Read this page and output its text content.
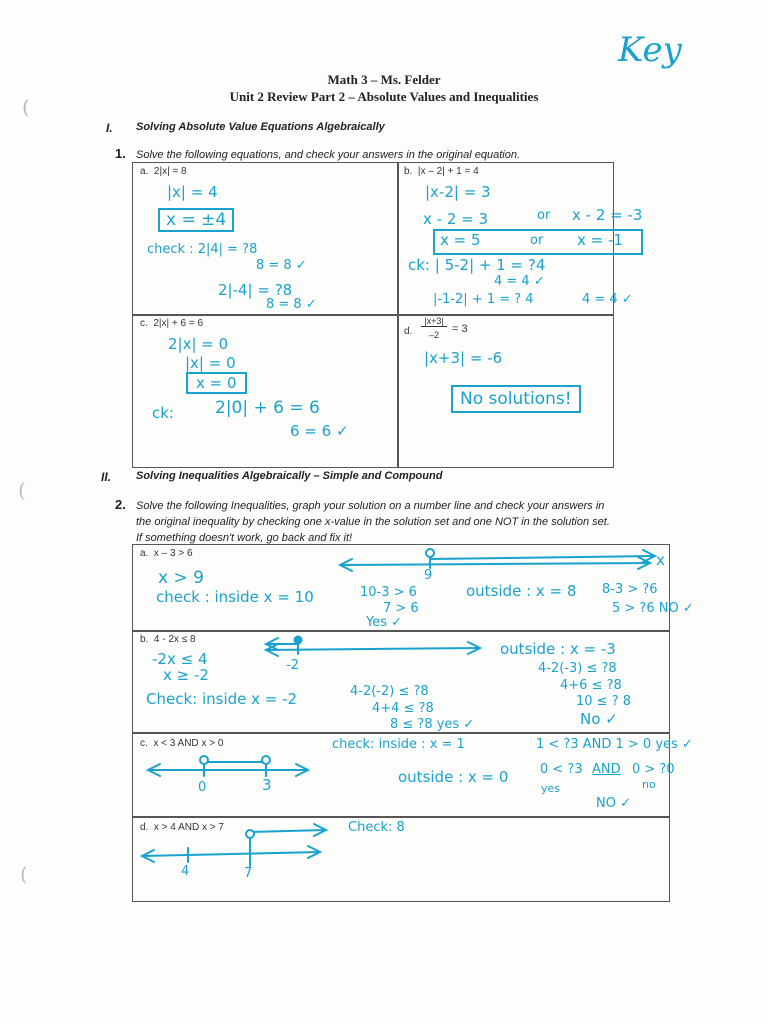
(
(
(
Key
Math 3 – Ms. Felder
Unit 2 Review Part 2 – Absolute Values and Inequalities
I. Solving Absolute Value Equations Algebraically
1. Solve the following equations, and check your answers in the original equation.
a. 2|x| = 8
|x| = 4
x = ±4
check : 2|4| = ?8
8 = 8 ✓
2|-4| = ?8
8 = 8 ✓
b. |x – 2| + 1 = 4
|x-2| = 3
x - 2 = 3	or x - 2 = -3
x = 5	or x = -1
ck: | 5-2| + 1 = ?4
4 = 4 ✓
|-1-2| + 1 = ? 4	4 = 4 ✓
c. 2|x| + 6 = 6
2|x| = 0
|x| = 0
x = 0
ck: 2|0| + 6 = 6
6 = 6 ✓
d.
|x+3|
–2	= 3
|x+3| = -6
No solutions!
II. Solving Inequalities Algebraically – Simple and Compound
2. Solve the following Inequalities, graph your solution on a number line and check your answers in
the original inequality by checking one x-value in the solution set and one NOT in the solution set.
If something doesn't work, go back and fix it!
a. x – 3 > 6
x > 9
check : inside x = 10	10-3 > 6
7 > 6
Yes ✓
outside : x = 8 8-3 > ?6
5 > ?6 NO ✓
9
x
b. 4 - 2x ≤ 8
-2x ≤ 4
x ≥ -2
-2
Check: inside x = -2	4-2(-2) ≤ ?8
4+4 ≤ ?8
8 ≤ ?8 yes ✓
outside : x = -3
4-2(-3) ≤ ?8
4+6 ≤ ?8
10 ≤ ? 8
No ✓
c. x < 3 AND x > 0
0	3
check: inside : x = 1	1 < ?3 AND 1 > 0 yes ✓
outside : x = 0 0 < ?3 AND 0 > ?0
yes	no
NO ✓
d. x > 4 AND x > 7
4	7
Check: 8
